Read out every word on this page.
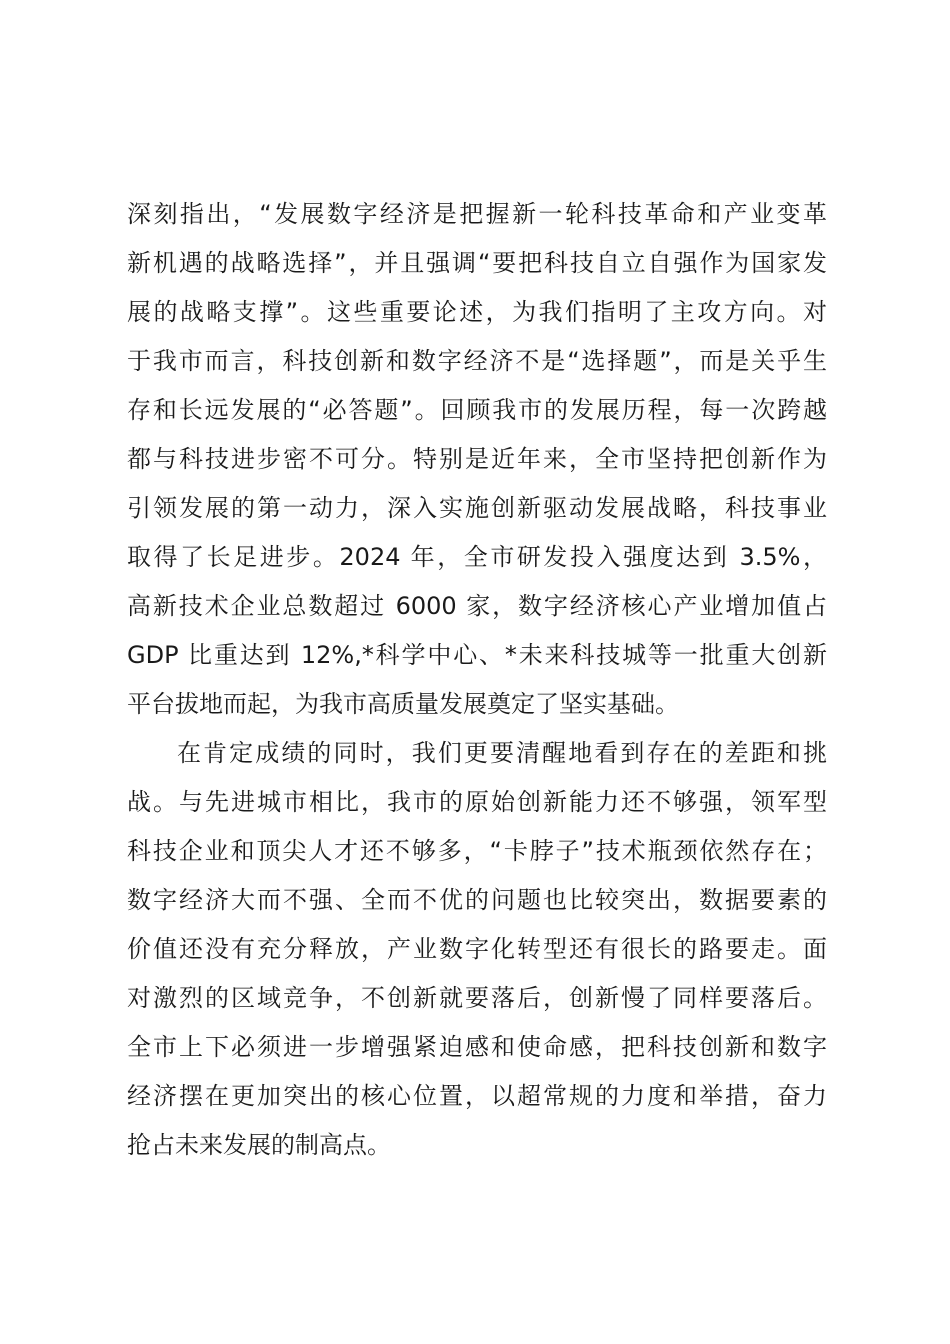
深刻指出，“发展数字经济是把握新一轮科技革命和产业变革
新机遇的战略选择”，并且强调“要把科技自立自强作为国家发
展的战略支撑”。这些重要论述，为我们指明了主攻方向。对
于我市而言，科技创新和数字经济不是“选择题”，而是关乎生
存和长远发展的“必答题”。回顾我市的发展历程，每一次跨越
都与科技进步密不可分。特别是近年来，全市坚持把创新作为
引领发展的第一动力，深入实施创新驱动发展战略，科技事业
取得了长足进步。2024 年，全市研发投入强度达到 3.5%，
高新技术企业总数超过 6000 家，数字经济核心产业增加值占
GDP 比重达到 12%,*科学中心、*未来科技城等一批重大创新
平台拔地而起，为我市高质量发展奠定了坚实基础。
在肯定成绩的同时，我们更要清醒地看到存在的差距和挑
战。与先进城市相比，我市的原始创新能力还不够强，领军型
科技企业和顶尖人才还不够多，“卡脖子”技术瓶颈依然存在；
数字经济大而不强、全而不优的问题也比较突出，数据要素的
价值还没有充分释放，产业数字化转型还有很长的路要走。面
对激烈的区域竞争，不创新就要落后，创新慢了同样要落后。
全市上下必须进一步增强紧迫感和使命感，把科技创新和数字
经济摆在更加突出的核心位置，以超常规的力度和举措，奋力
抢占未来发展的制高点。
